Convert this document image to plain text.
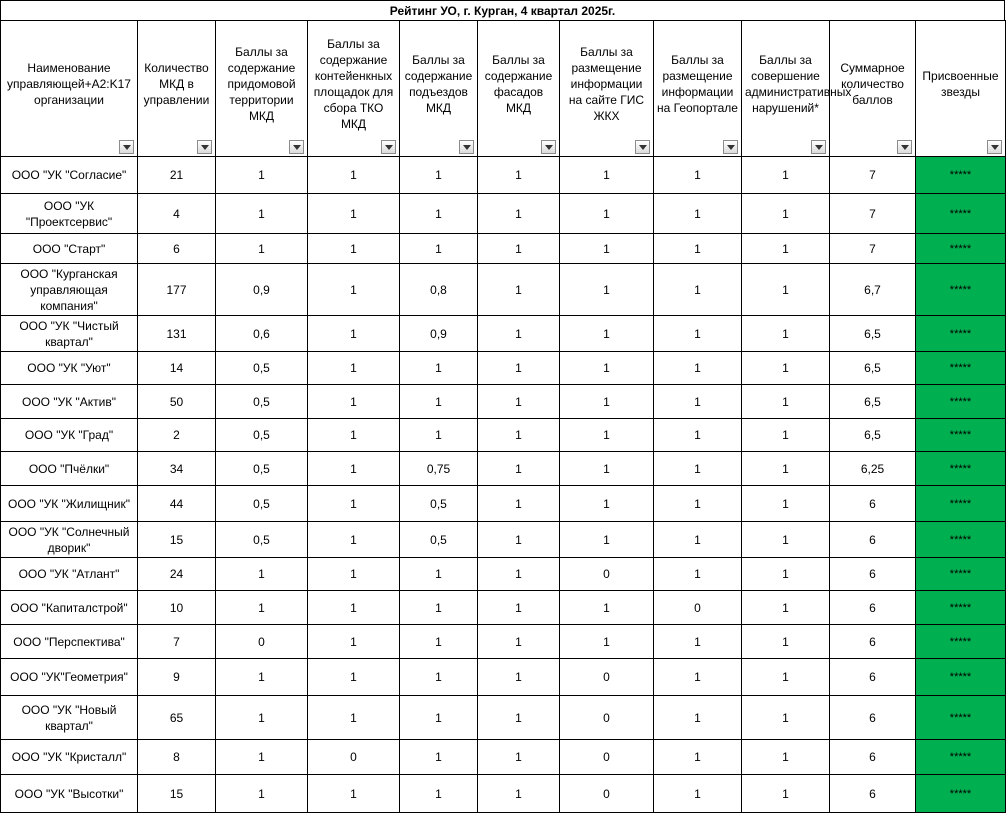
Рейтинг УО, г. Курган, 4 квартал 2025г.
Наименование управляющей+A2:K17 организации	Количество МКД в управлении	Баллы за содержание придомовой территории МКД	Баллы за содержание контейенкных площадок для сбора ТКО МКД	Баллы за содержание подъездов МКД	Баллы за содержание фасадов МКД	Баллы за размещение информации на сайте ГИС ЖКХ	Баллы за размещение информации на Геопортале	Баллы за совершение административных нарушений*	Суммарное количество баллов	Присвоенные звезды

ООО "УК "Согласие"	21	1	1	1	1	1	1	1	7	*****
ООО "УК "Проектсервис"	4	1	1	1	1	1	1	1	7	*****
ООО "Старт"	6	1	1	1	1	1	1	1	7	*****
ООО "Курганская управляющая компания"	177	0,9	1	0,8	1	1	1	1	6,7	*****
ООО "УК "Чистый квартал"	131	0,6	1	0,9	1	1	1	1	6,5	*****
ООО "УК "Уют"	14	0,5	1	1	1	1	1	1	6,5	*****
ООО "УК "Актив"	50	0,5	1	1	1	1	1	1	6,5	*****
ООО "УК "Град"	2	0,5	1	1	1	1	1	1	6,5	*****
ООО "Пчёлки"	34	0,5	1	0,75	1	1	1	1	6,25	*****
ООО "УК "Жилищник"	44	0,5	1	0,5	1	1	1	1	6	*****
ООО "УК "Солнечный дворик"	15	0,5	1	0,5	1	1	1	1	6	*****
ООО "УК "Атлант"	24	1	1	1	1	0	1	1	6	*****
ООО "Капиталстрой"	10	1	1	1	1	1	0	1	6	*****
ООО "Перспектива"	7	0	1	1	1	1	1	1	6	*****
ООО "УК"Геометрия"	9	1	1	1	1	0	1	1	6	*****
ООО "УК "Новый квартал"	65	1	1	1	1	0	1	1	6	*****
ООО "УК "Кристалл"	8	1	0	1	1	0	1	1	6	*****
ООО "УК "Высотки"	15	1	1	1	1	0	1	1	6	*****
